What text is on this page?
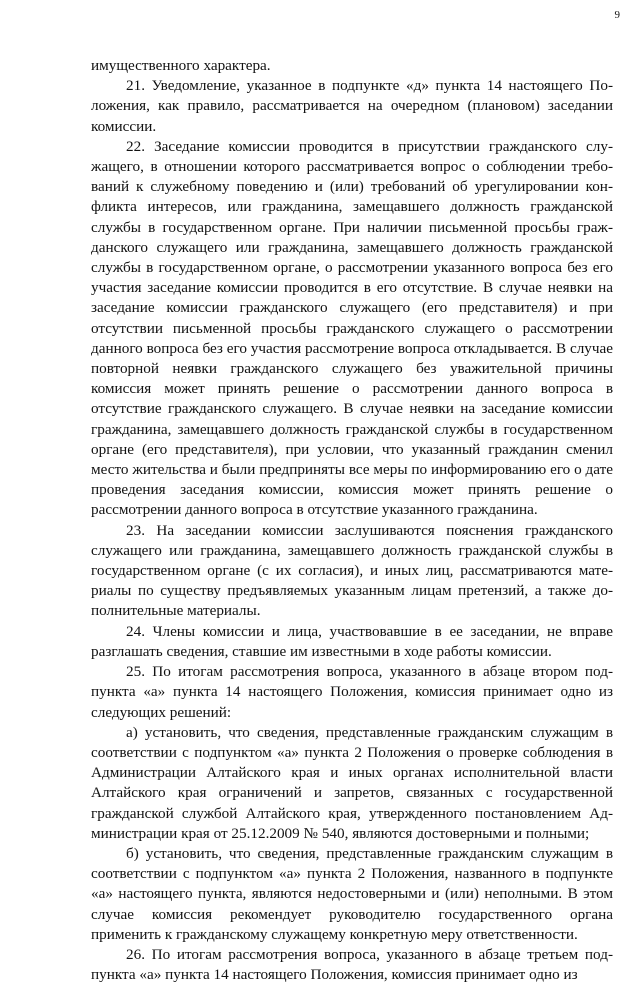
9

имущественного характера.

21. Уведомление, указанное в подпункте «д» пункта 14 настоящего Положения, как правило, рассматривается на очередном (плановом) заседании комиссии.

22. Заседание комиссии проводится в присутствии гражданского служащего, в отношении которого рассматривается вопрос о соблюдении требований к служебному поведению и (или) требований об урегулировании конфликта интересов, или гражданина, замещавшего должность гражданской службы в государственном органе. При наличии письменной просьбы гражданского служащего или гражданина, замещавшего должность гражданской службы в государственном органе, о рассмотрении указанного вопроса без его участия заседание комиссии проводится в его отсутствие. В случае неявки на заседание комиссии гражданского служащего (его представителя) и при отсутствии письменной просьбы гражданского служащего о рассмотрении данного вопроса без его участия рассмотрение вопроса откладывается. В случае повторной неявки гражданского служащего без уважительной причины комиссия может принять решение о рассмотрении данного вопроса в отсутствие гражданского служащего. В случае неявки на заседание комиссии гражданина, замещавшего должность гражданской службы в государственном органе (его представителя), при условии, что указанный гражданин сменил место жительства и были предприняты все меры по информированию его о дате проведения заседания комиссии, комиссия может принять решение о рассмотрении данного вопроса в отсутствие указанного гражданина.

23. На заседании комиссии заслушиваются пояснения гражданского служащего или гражданина, замещавшего должность гражданской службы в государственном органе (с их согласия), и иных лиц, рассматриваются материалы по существу предъявляемых указанным лицам претензий, а также дополнительные материалы.

24. Члены комиссии и лица, участвовавшие в ее заседании, не вправе разглашать сведения, ставшие им известными в ходе работы комиссии.

25. По итогам рассмотрения вопроса, указанного в абзаце втором подпункта «а» пункта 14 настоящего Положения, комиссия принимает одно из следующих решений:

а) установить, что сведения, представленные гражданским служащим в соответствии с подпунктом «а» пункта 2 Положения о проверке соблюдения в Администрации Алтайского края и иных органах исполнительной власти Алтайского края ограничений и запретов, связанных с государственной гражданской службой Алтайского края, утвержденного постановлением Администрации края от 25.12.2009 № 540, являются достоверными и полными;

б) установить, что сведения, представленные гражданским служащим в соответствии с подпунктом «а» пункта 2 Положения, названного в подпункте «а» настоящего пункта, являются недостоверными и (или) неполными. В этом случае комиссия рекомендует руководителю государственного органа применить к гражданскому служащему конкретную меру ответственности.

26. По итогам рассмотрения вопроса, указанного в абзаце третьем подпункта «а» пункта 14 настоящего Положения, комиссия принимает одно из
